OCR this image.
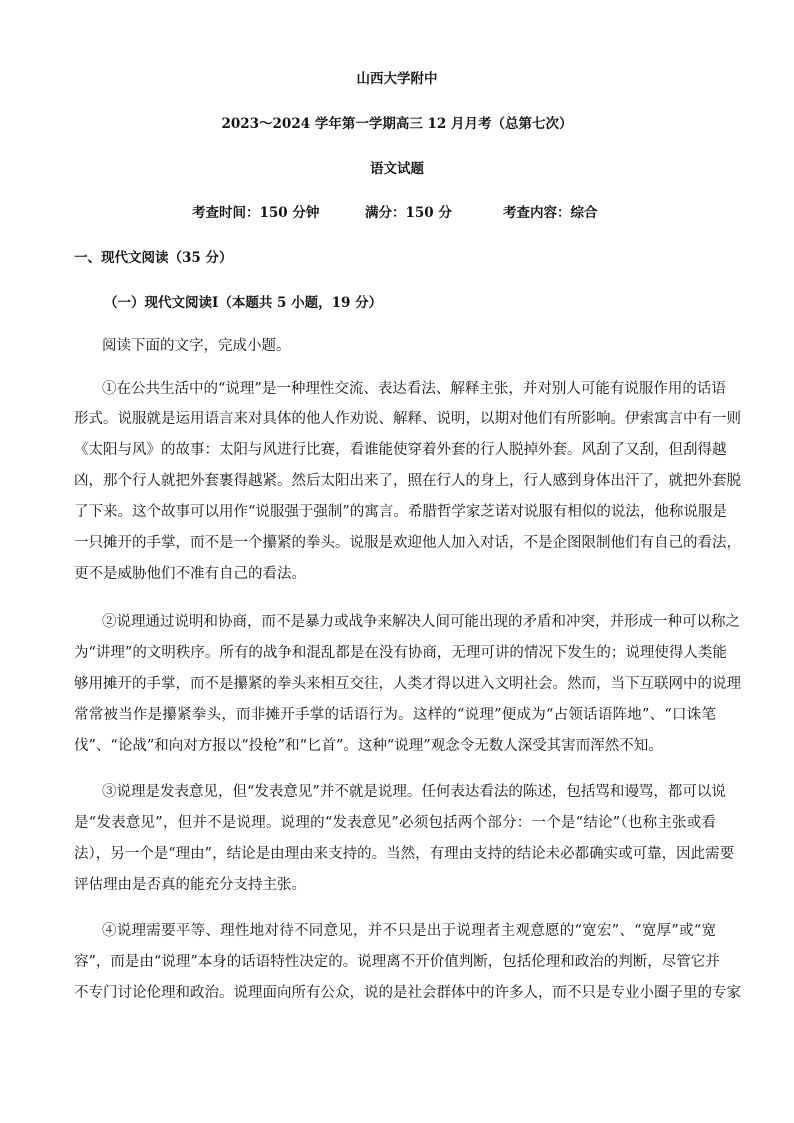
山西大学附中
2023～2024 学年第一学期高三 12 月月考（总第七次）
语文试题
考查时间：150 分钟	满分：150 分	考查内容：综合
一、现代文阅读（35 分）
（一）现代文阅读Ⅰ（本题共 5 小题，19 分）
阅读下面的文字，完成小题。
①在公共生活中的“说理”是一种理性交流、表达看法、解释主张，并对别人可能有说服作用的话语
形式。说服就是运用语言来对具体的他人作劝说、解释、说明，以期对他们有所影响。伊索寓言中有一则
《太阳与风》的故事：太阳与风进行比赛，看谁能使穿着外套的行人脱掉外套。风刮了又刮，但刮得越
凶，那个行人就把外套裹得越紧。然后太阳出来了，照在行人的身上，行人感到身体出汗了，就把外套脱
了下来。这个故事可以用作“说服强于强制”的寓言。希腊哲学家芝诺对说服有相似的说法，他称说服是
一只摊开的手掌，而不是一个攥紧的拳头。说服是欢迎他人加入对话，不是企图限制他们有自己的看法，
更不是威胁他们不准有自己的看法。
②说理通过说明和协商，而不是暴力或战争来解决人间可能出现的矛盾和冲突，并形成一种可以称之
为“讲理”的文明秩序。所有的战争和混乱都是在没有协商，无理可讲的情况下发生的；说理使得人类能
够用摊开的手掌，而不是攥紧的拳头来相互交往，人类才得以进入文明社会。然而，当下互联网中的说理
常常被当作是攥紧拳头，而非摊开手掌的话语行为。这样的“说理”便成为“占领话语阵地”、“口诛笔
伐”、“论战”和向对方报以“投枪”和“匕首”。这种“说理”观念令无数人深受其害而浑然不知。
③说理是发表意见，但“发表意见”并不就是说理。任何表达看法的陈述，包括骂和谩骂，都可以说
是“发表意见”，但并不是说理。说理的“发表意见”必须包括两个部分：一个是“结论”（也称主张或看
法），另一个是“理由”，结论是由理由来支持的。当然，有理由支持的结论未必都确实或可靠，因此需要
评估理由是否真的能充分支持主张。
④说理需要平等、理性地对待不同意见，并不只是出于说理者主观意愿的“宽宏”、“宽厚”或“宽
容”，而是由“说理”本身的话语特性决定的。说理离不开价值判断，包括伦理和政治的判断，尽管它并
不专门讨论伦理和政治。说理面向所有公众，说的是社会群体中的许多人，而不只是专业小圈子里的专家
